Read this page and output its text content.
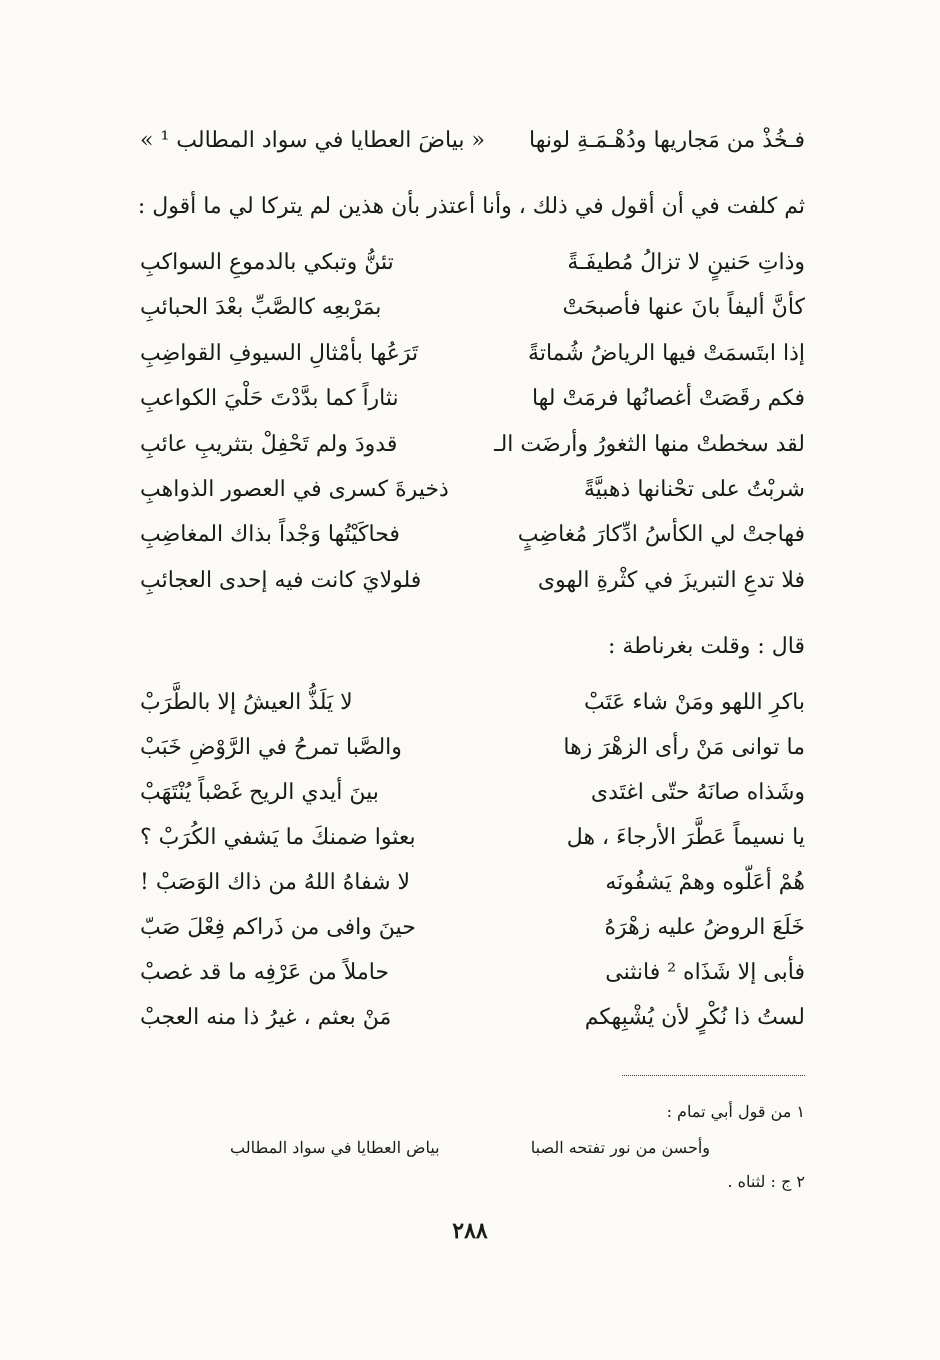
فـخُذْ من مَجاريها ودُهْـمَـةِ لونها
« بياضَ العطايا في سواد المطالب ¹ »
ثم كلفت في أن أقول في ذلك ، وأنا أعتذر بأن هذين لم يتركا لي ما أقول :
وذاتِ حَنينٍ لا تزالُ مُطيفَـةً
تئنُّ وتبكي بالدموعِ السواكبِ
كأنَّ أليفاً بانَ عنها فأصبحَتْ
بمَرْبعِه كالصَّبِّ بعْدَ الحبائبِ
إذا ابتَسمَتْ فيها الرياضُ شُماتةً
تَرَعُها بأمْثالِ السيوفِ القواضِبِ
فكم رقَصَتْ أغصانُها فرمَتْ لها
نثاراً كما بدَّدْتَ حَلْيَ الكواعبِ
لقد سخطتْ منها الثغورُ وأرضَت الـ
قدودَ ولم تَحْفِلْ بتثريبِ عائبِ
شربْتُ على تحْنانها ذهبيَّةً
ذخيرةَ كسرى في العصور الذواهبِ
فهاجتْ لي الكأسُ ادِّكارَ مُغاضِبٍ
فحاكَيْتُها وَجْداً بذاك المغاضِبِ
فلا تدعِ التبريزَ في كثْرةِ الهوى
فلولايَ كانت فيه إحدى العجائبِ
قال : وقلت بغرناطة :
باكرِ اللهو ومَنْ شاء عَتَبْ
لا يَلَذُّ العيشُ إلا بالطَّرَبْ
ما توانى مَنْ رأى الزهْرَ زها
والصَّبا تمرحُ في الرَّوْضِ خَبَبْ
وشَذاه صانَهُ حتّى اغتَدى
بينَ أيدي الريح غَصْباً يُنْتَهَبْ
يا نسيماً عَطَّرَ الأرجاءَ ، هل
بعثوا ضمنكَ ما يَشفي الكُرَبْ ؟
هُمْ أعَلّوه وهمْ يَشفُونَه
لا شفاهُ اللهُ من ذاك الوَصَبْ !
خَلَعَ الروضُ عليه زهْرَهُ
حينَ وافى من ذَراكم فِعْلَ صَبّ
فأبى إلا شَذَاه ² فانثنى
حاملاً من عَرْفِه ما قد غصبْ
لستُ ذا نُكْرٍ لأن يُشْبِهكم
مَنْ بعثم ، غيرُ ذا منه العجبْ
١ من قول أبي تمام :
وأحسن من نور تفتحه الصبا
بياض العطايا في سواد المطالب
٢ ج : لثناه .
٢٨٨
